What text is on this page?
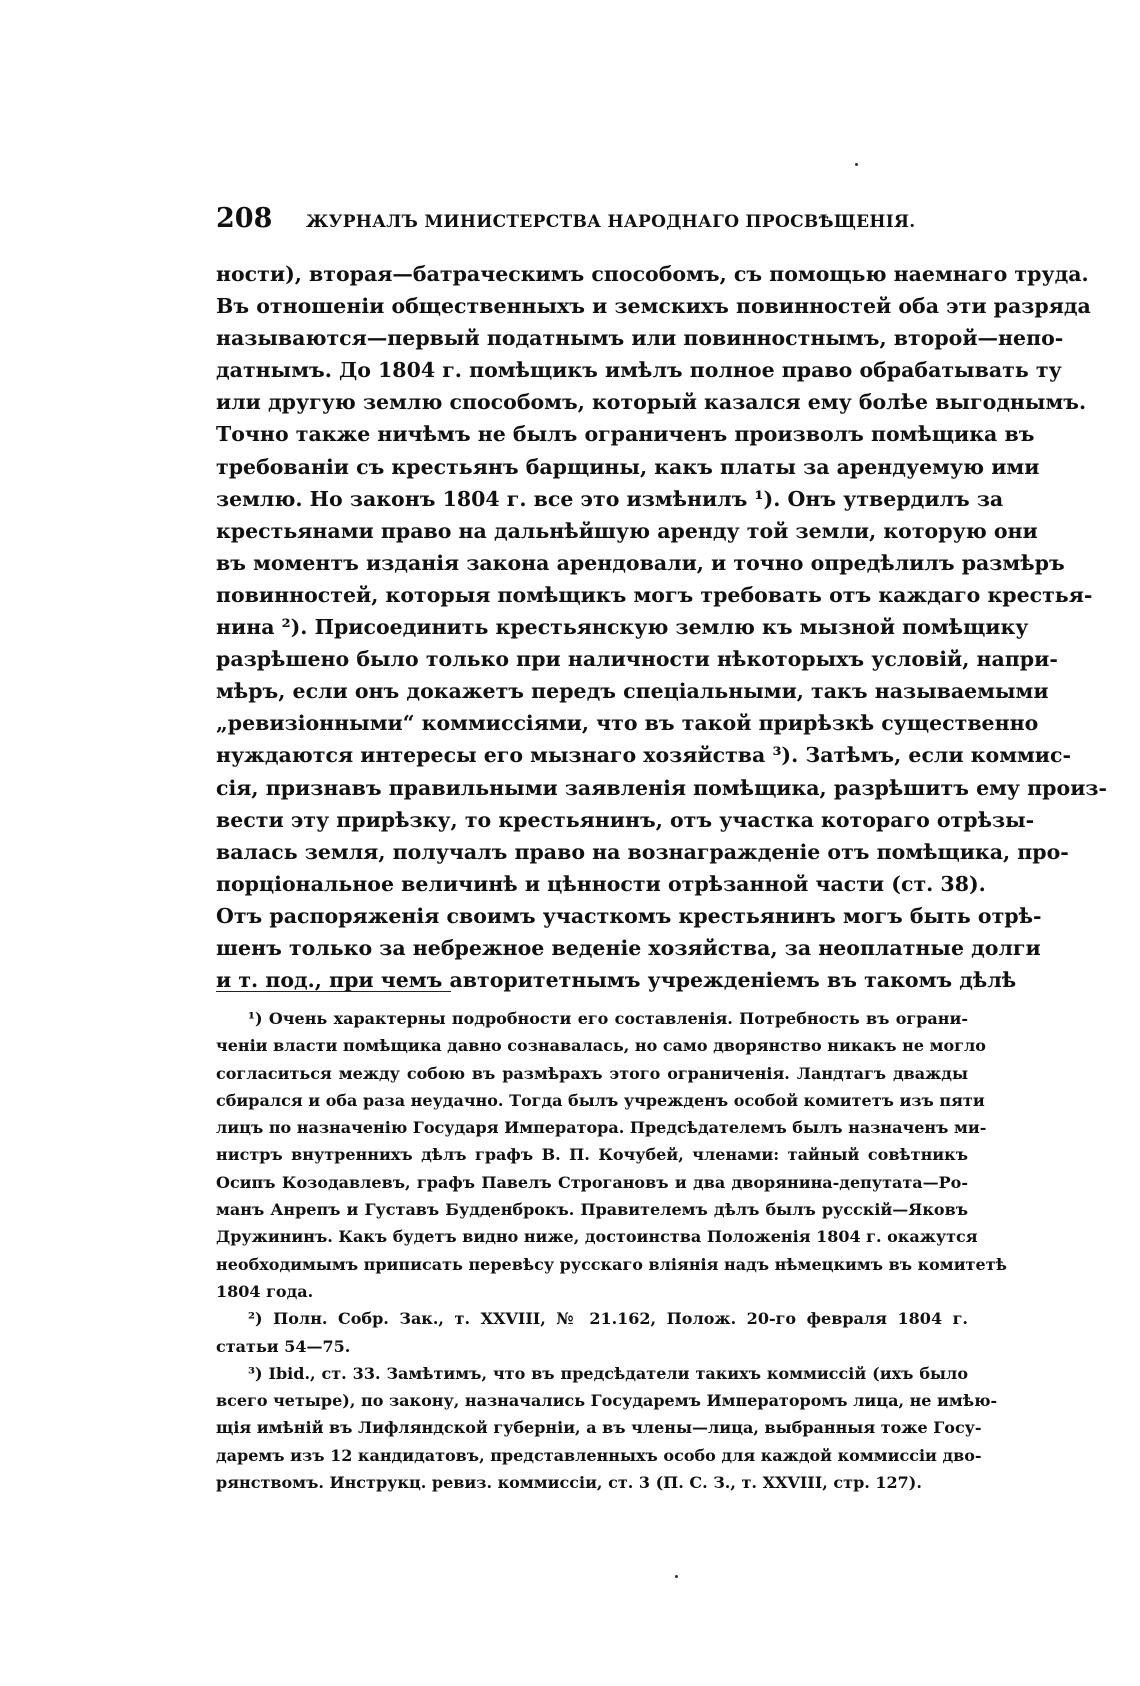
208	ЖУРНАЛЪ МИНИСТЕРСТВА НАРОДНАГО ПРОСВѢЩЕНІЯ.
ности), вторая—батраческимъ способомъ, съ помощью наемнаго труда.
Въ отношеніи общественныхъ и земскихъ повинностей оба эти разряда
называются—первый податнымъ или повинностнымъ, второй—непо-
датнымъ. До 1804 г. помѣщикъ имѣлъ полное право обрабатывать ту
или другую землю способомъ, который казался ему болѣе выгоднымъ.
Точно также ничѣмъ не былъ ограниченъ произволъ помѣщика въ
требованіи съ крестьянъ барщины, какъ платы за арендуемую ими
землю. Но законъ 1804 г. все это измѣнилъ ¹). Онъ утвердилъ за
крестьянами право на дальнѣйшую аренду той земли, которую они
въ моментъ изданія закона арендовали, и точно опредѣлилъ размѣръ
повинностей, которыя помѣщикъ могъ требовать отъ каждаго крестья-
нина ²). Присоединить крестьянскую землю къ мызной помѣщику
разрѣшено было только при наличности нѣкоторыхъ условій, напри-
мѣръ, если онъ докажетъ передъ спеціальными, такъ называемыми
„ревизіонными“ коммиссіями, что въ такой прирѣзкѣ существенно
нуждаются интересы его мызнаго хозяйства ³). Затѣмъ, если коммис-
сія, признавъ правильными заявленія помѣщика, разрѣшитъ ему произ-
вести эту прирѣзку, то крестьянинъ, отъ участка котораго отрѣзы-
валась земля, получалъ право на вознагражденіе отъ помѣщика, про-
порціональное величинѣ и цѣнности отрѣзанной части (ст. 38).
Отъ распоряженія своимъ участкомъ крестьянинъ могъ быть отрѣ-
шенъ только за небрежное веденіе хозяйства, за неоплатные долги
и т. под., при чемъ авторитетнымъ учрежденіемъ въ такомъ дѣлѣ
¹) Очень характерны подробности его составленія. Потребность въ ограни-
ченіи власти помѣщика давно сознавалась, но само дворянство никакъ не могло
согласиться между собою въ размѣрахъ этого ограниченія. Ландтагъ дважды
сбирался и оба раза неудачно. Тогда былъ учрежденъ особой комитетъ изъ пяти
лицъ по назначенію Государя Императора. Предсѣдателемъ былъ назначенъ ми-
нистръ внутреннихъ дѣлъ графъ В. П. Кочубей, членами: тайный совѣтникъ
Осипъ Козодавлевъ, графъ Павелъ Строгановъ и два дворянина-депутата—Ро-
манъ Анрепъ и Густавъ Будденброкъ. Правителемъ дѣлъ былъ русскій—Яковъ
Дружининъ. Какъ будетъ видно ниже, достоинства Положенія 1804 г. окажутся
необходимымъ приписать перевѣсу русскаго вліянія надъ нѣмецкимъ въ комитетѣ
1804 года.
²) Полн. Собр. Зак., т. XXVIII, № 21.162, Полож. 20-го февраля 1804 г.
статьи 54—75.
³) Ibid., ст. 33. Замѣтимъ, что въ предсѣдатели такихъ коммиссій (ихъ было
всего четыре), по закону, назначались Государемъ Императоромъ лица, не имѣю-
щія имѣній въ Лифляндской губерніи, а въ члены—лица, выбранныя тоже Госу-
даремъ изъ 12 кандидатовъ, представленныхъ особо для каждой коммиссіи дво-
рянствомъ. Инструкц. ревиз. коммиссіи, ст. 3 (П. С. З., т. XXVIII, стр. 127).
